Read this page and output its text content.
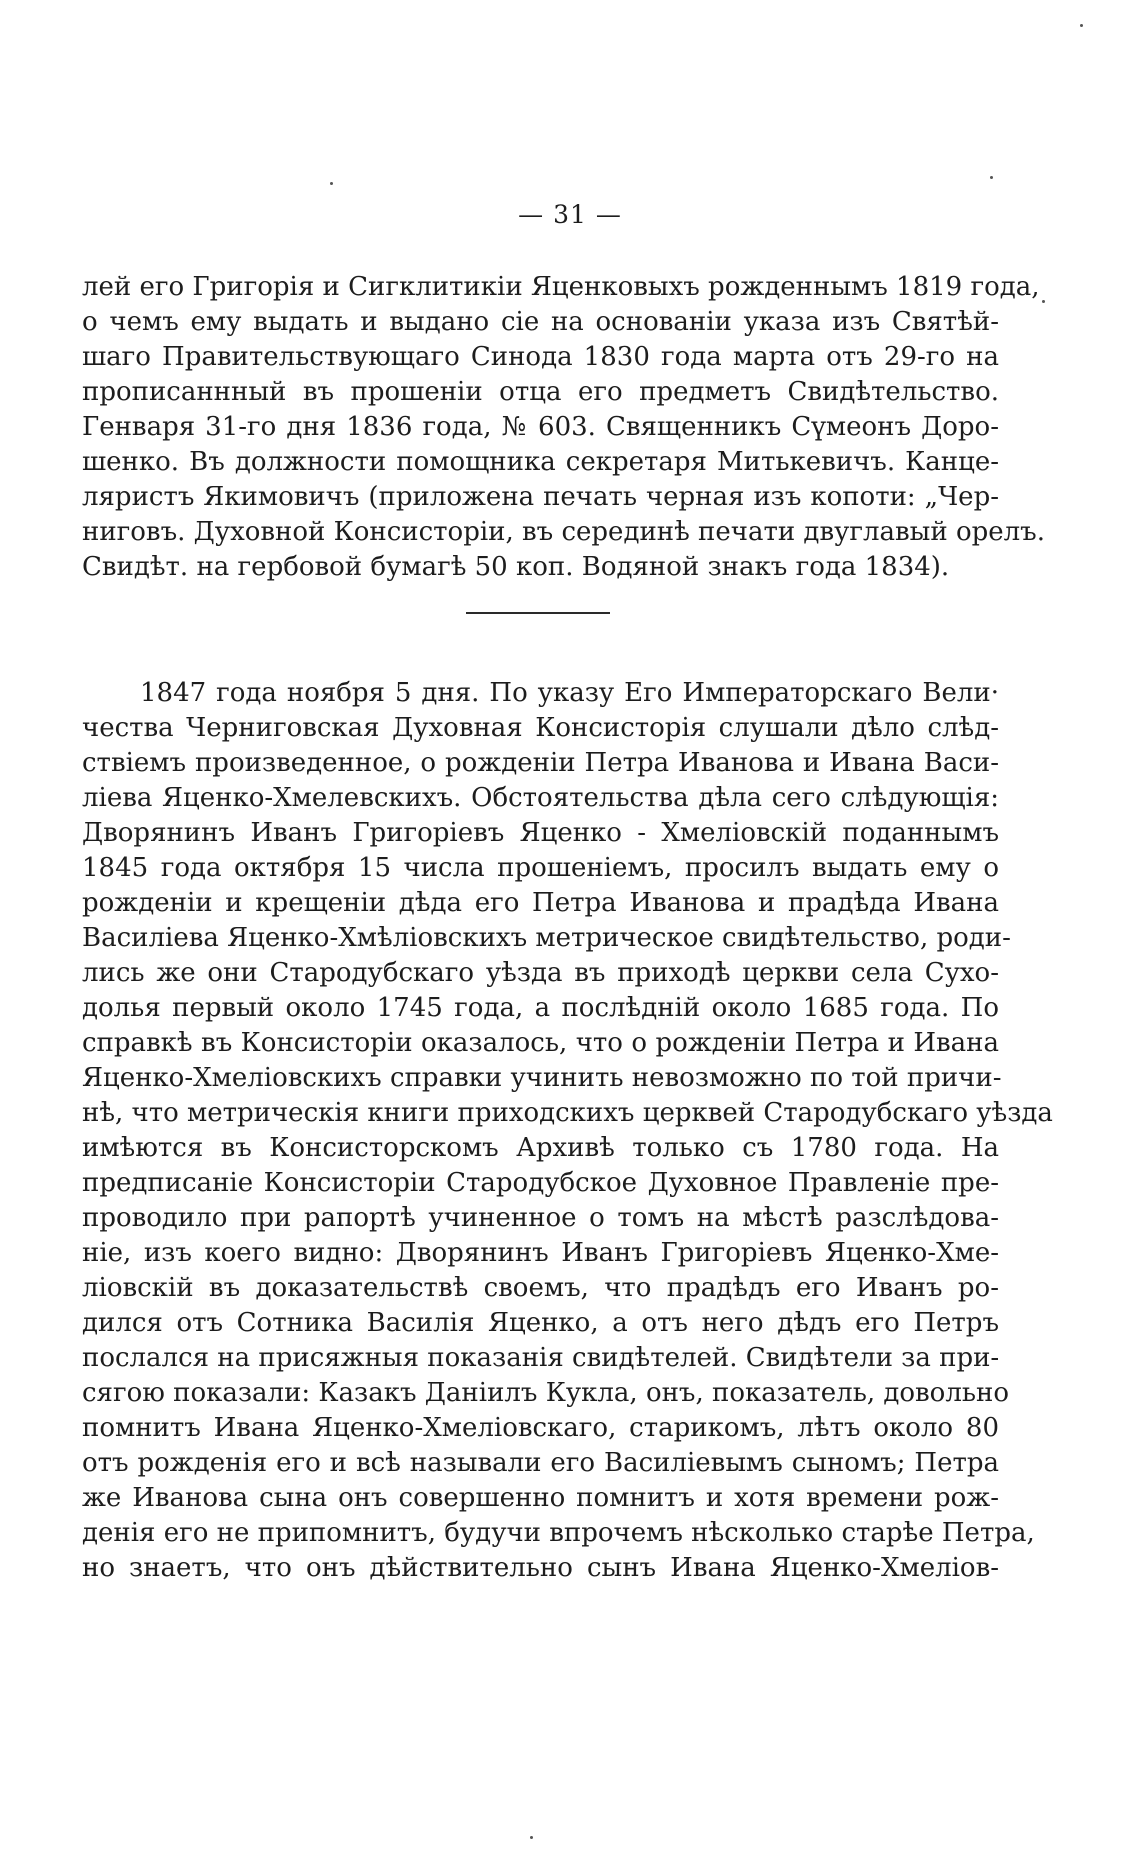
— 31 —
лей его Григорія и Сигклитикіи Яценковыхъ рожденнымъ 1819 года,
о чемъ ему выдать и выдано сіе на основаніи указа изъ Святѣй-
шаго Правительствующаго Синода 1830 года марта отъ 29-го на
прописаннный въ прошеніи отца его предметъ Свидѣтельство.
Генваря 31-го дня 1836 года, № 603. Священникъ Сүмеонъ Доро-
шенко. Въ должности помощника секретаря Митькевичъ. Канце-
ляристъ Якимовичъ (приложена печать черная изъ копоти: „Чер-
ниговъ. Духовной Консисторіи, въ серединѣ печати двуглавый орелъ.
Свидѣт. на гербовой бумагѣ 50 коп. Водяной знакъ года 1834).
1847 года ноября 5 дня. По указу Его Императорскаго Вели·
чества Черниговская Духовная Консисторія слушали дѣло слѣд-
ствіемъ произведенное, о рожденіи Петра Иванова и Ивана Васи-
ліева Яценко-Хмелевскихъ. Обстоятельства дѣла сего слѣдующія:
Дворянинъ Иванъ Григоріевъ Яценко - Хмеліовскій поданнымъ
1845 года октября 15 числа прошеніемъ, просилъ выдать ему о
рожденіи и крещеніи дѣда его Петра Иванова и прадѣда Ивана
Василіева Яценко-Хмѣліовскихъ метрическое свидѣтельство, роди-
лись же они Стародубскаго уѣзда въ приходѣ церкви села Сухо-
долья первый около 1745 года, а послѣдній около 1685 года. По
справкѣ въ Консисторіи оказалось, что о рожденіи Петра и Ивана
Яценко-Хмеліовскихъ справки учинить невозможно по той причи-
нѣ, что метрическія книги приходскихъ церквей Стародубскаго уѣзда
имѣются въ Консисторскомъ Архивѣ только съ 1780 года. На
предписаніе Консисторіи Стародубское Духовное Правленіе пре-
проводило при рапортѣ учиненное о томъ на мѣстѣ разслѣдова-
ніе, изъ коего видно: Дворянинъ Иванъ Григоріевъ Яценко-Хме-
ліовскій въ доказательствѣ своемъ, что прадѣдъ его Иванъ ро-
дился отъ Сотника Василія Яценко, а отъ него дѣдъ его Петръ
послался на присяжныя показанія свидѣтелей. Свидѣтели за при-
сягою показали: Казакъ Даніилъ Кукла, онъ, показатель, довольно
помнитъ Ивана Яценко-Хмеліовскаго, старикомъ, лѣтъ около 80
отъ рожденія его и всѣ называли его Василіевымъ сыномъ; Петра
же Иванова сына онъ совершенно помнитъ и хотя времени рож-
денія его не припомнитъ, будучи впрочемъ нѣсколько старѣе Петра,
но знаетъ, что онъ дѣйствительно сынъ Ивана Яценко-Хмеліов-
